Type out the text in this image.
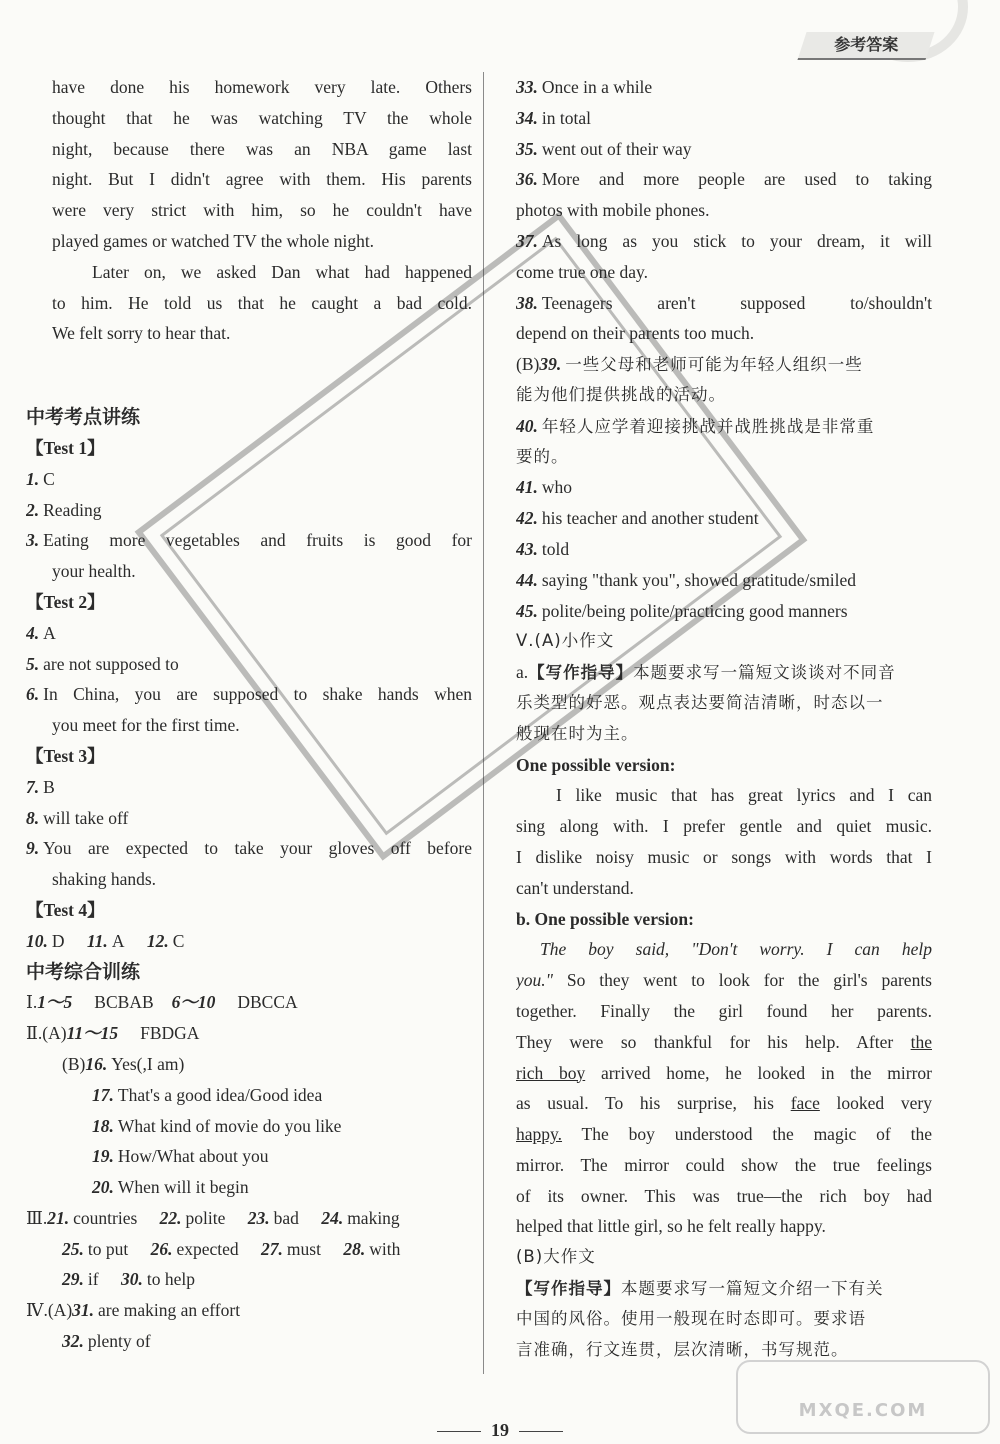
参考答案
have done his homework very late. Others
thought that he was watching TV the whole
night, because there was an NBA game last
night. But I didn't agree with them. His parents
were very strict with him, so he couldn't have
played games or watched TV the whole night.
Later on, we asked Dan what had happened
to him. He told us that he caught a bad cold.
We felt sorry to hear that.
中考考点讲练
【Test 1】
1. C
2. Reading
3. Eating more vegetables and fruits is good for
your health.
【Test 2】
4. A
5. are not supposed to
6. In China, you are supposed to shake hands when
you meet for the first time.
【Test 3】
7. B
8. will take off
9. You are expected to take your gloves off before
shaking hands.
【Test 4】
10. D 11. A 12. C
中考综合训练
Ⅰ.1～5 BCBAB 6～10 DBCCA
Ⅱ.(A)11～15 FBDGA
(B)16. Yes(,I am)
17. That's a good idea/Good idea
18. What kind of movie do you like
19. How/What about you
20. When will it begin
Ⅲ.21. countries 22. polite 23. bad 24. making
25. to put 26. expected 27. must 28. with
29. if 30. to help
Ⅳ.(A)31. are making an effort
32. plenty of
33. Once in a while
34. in total
35. went out of their way
36. More and more people are used to taking
photos with mobile phones.
37. As long as you stick to your dream, it will
come true one day.
38. Teenagers aren't supposed to/shouldn't
depend on their parents too much.
(B)39. 一些父母和老师可能为年轻人组织一些
能为他们提供挑战的活动。
40. 年轻人应学着迎接挑战并战胜挑战是非常重
要的。
41. who
42. his teacher and another student
43. told
44. saying "thank you", showed gratitude/smiled
45. polite/being polite/practicing good manners
Ⅴ.(A)小作文
a.【写作指导】本题要求写一篇短文谈谈对不同音
乐类型的好恶。观点表达要简洁清晰，时态以一
般现在时为主。
One possible version:
I like music that has great lyrics and I can
sing along with. I prefer gentle and quiet music.
I dislike noisy music or songs with words that I
can't understand.
b. One possible version:
The boy said, "Don't worry. I can help
you." So they went to look for the girl's parents
together. Finally the girl found her parents.
They were so thankful for his help. After the
rich boy arrived home, he looked in the mirror
as usual. To his surprise, his face looked very
happy. The boy understood the magic of the
mirror. The mirror could show the true feelings
of its owner. This was true—the rich boy had
helped that little girl, so he felt really happy.
(B)大作文
【写作指导】本题要求写一篇短文介绍一下有关
中国的风俗。使用一般现在时态即可。要求语
言准确，行文连贯，层次清晰，书写规范。
MXQE.COM
19
